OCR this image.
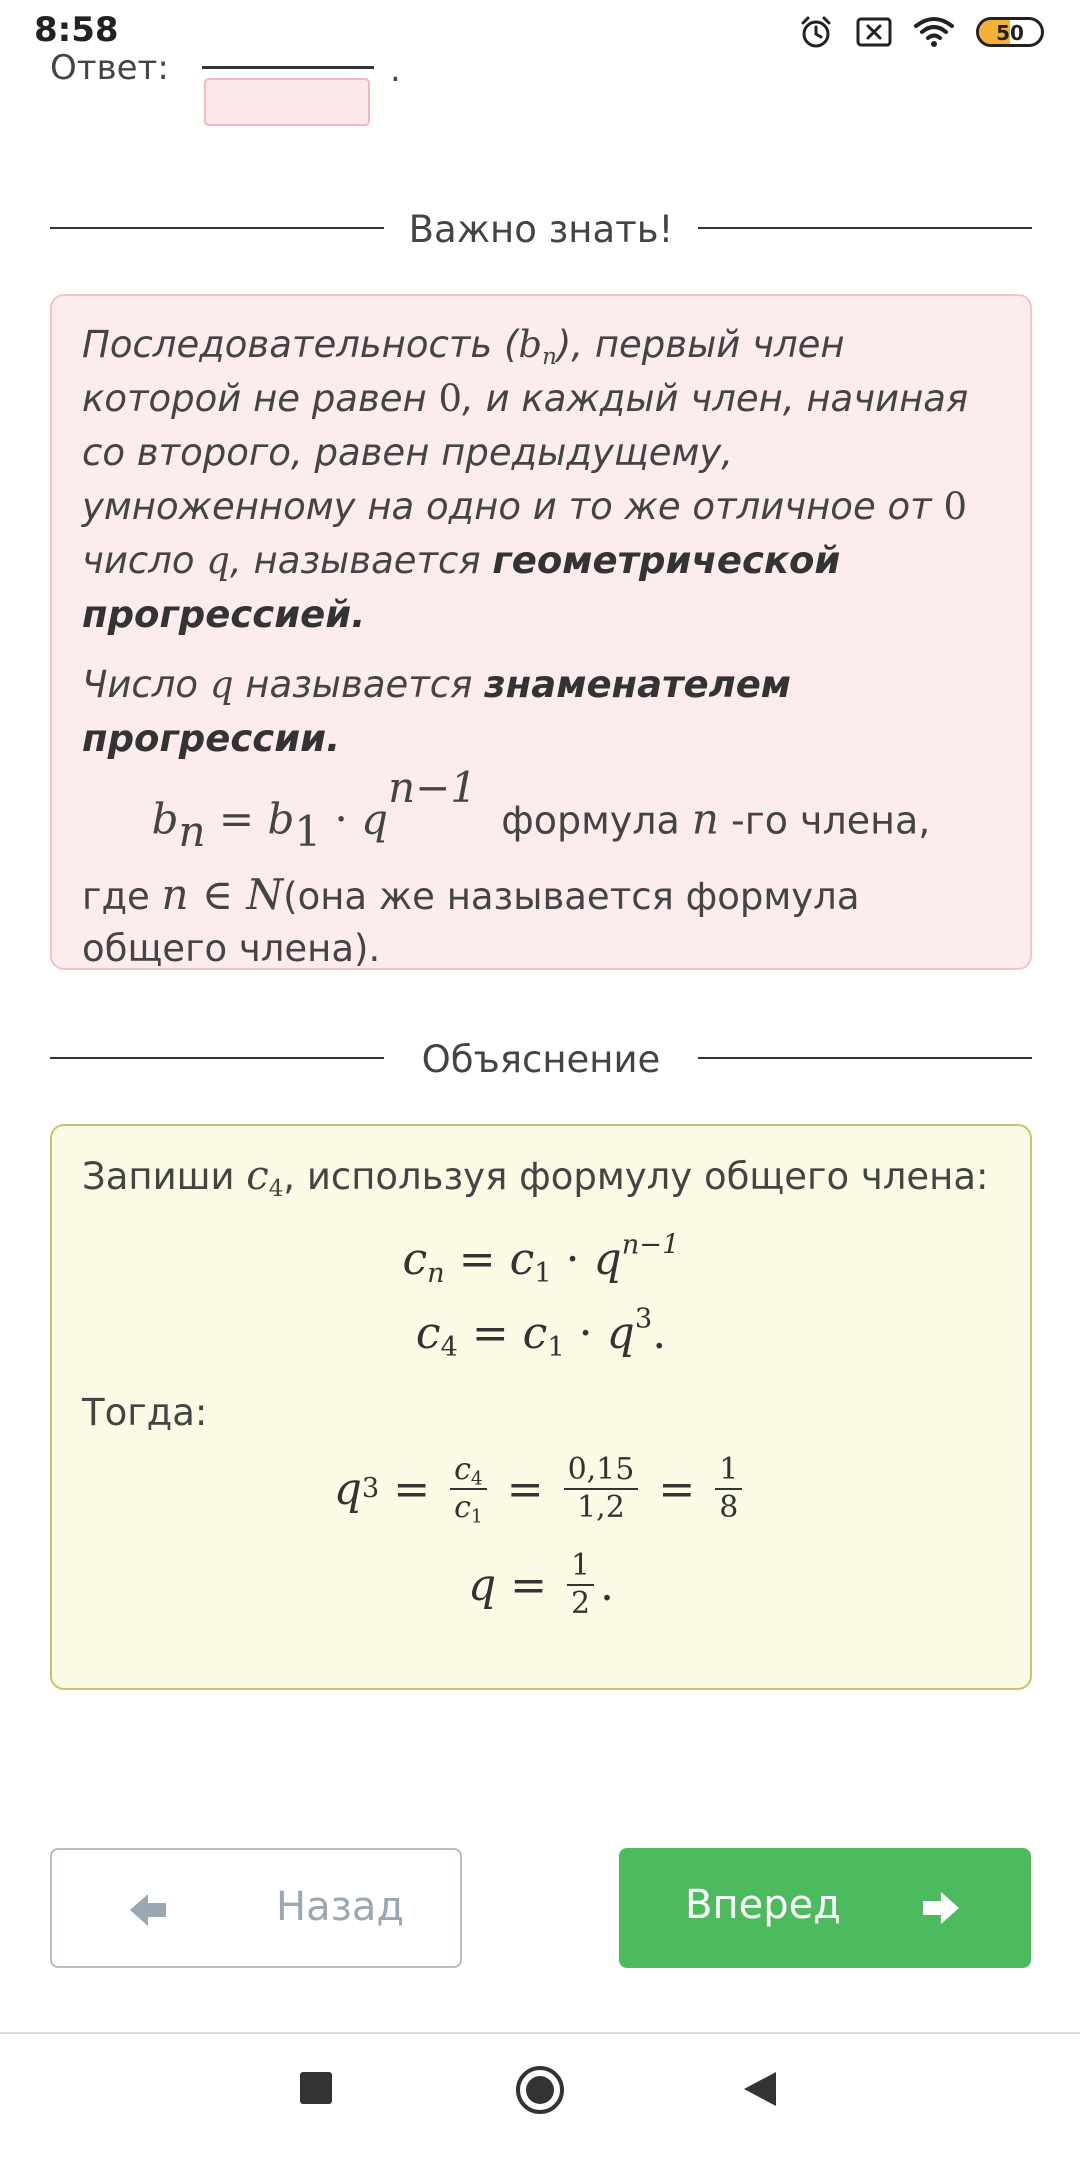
8:58	50
Ответ:	.
Важно знать!
Последовательность $(b_n)$, первый член которой не равен 0, и каждый член, начиная со второго, равен предыдущему, умноженному на одно и то же отличное от 0 число q, называется геометрической прогрессией.
Число q называется знаменателем прогрессии.
$b_n = b_1 \cdot q^{n-1}$  формула n -го члена,
где n ∈ N(она же называется формула общего члена).
Объяснение
Запиши $c_4$, используя формулу общего члена:
$c_n = c_1 \cdot q^{n-1}$
$c_4 = c_1 \cdot q^3$.
Тогда:
q $3 = \frac{c_4}{c_1} = \frac{0,15}{1,2} = \frac{1}{8}$
$q = \frac{1}{2}$ .
Назад	Вперед
